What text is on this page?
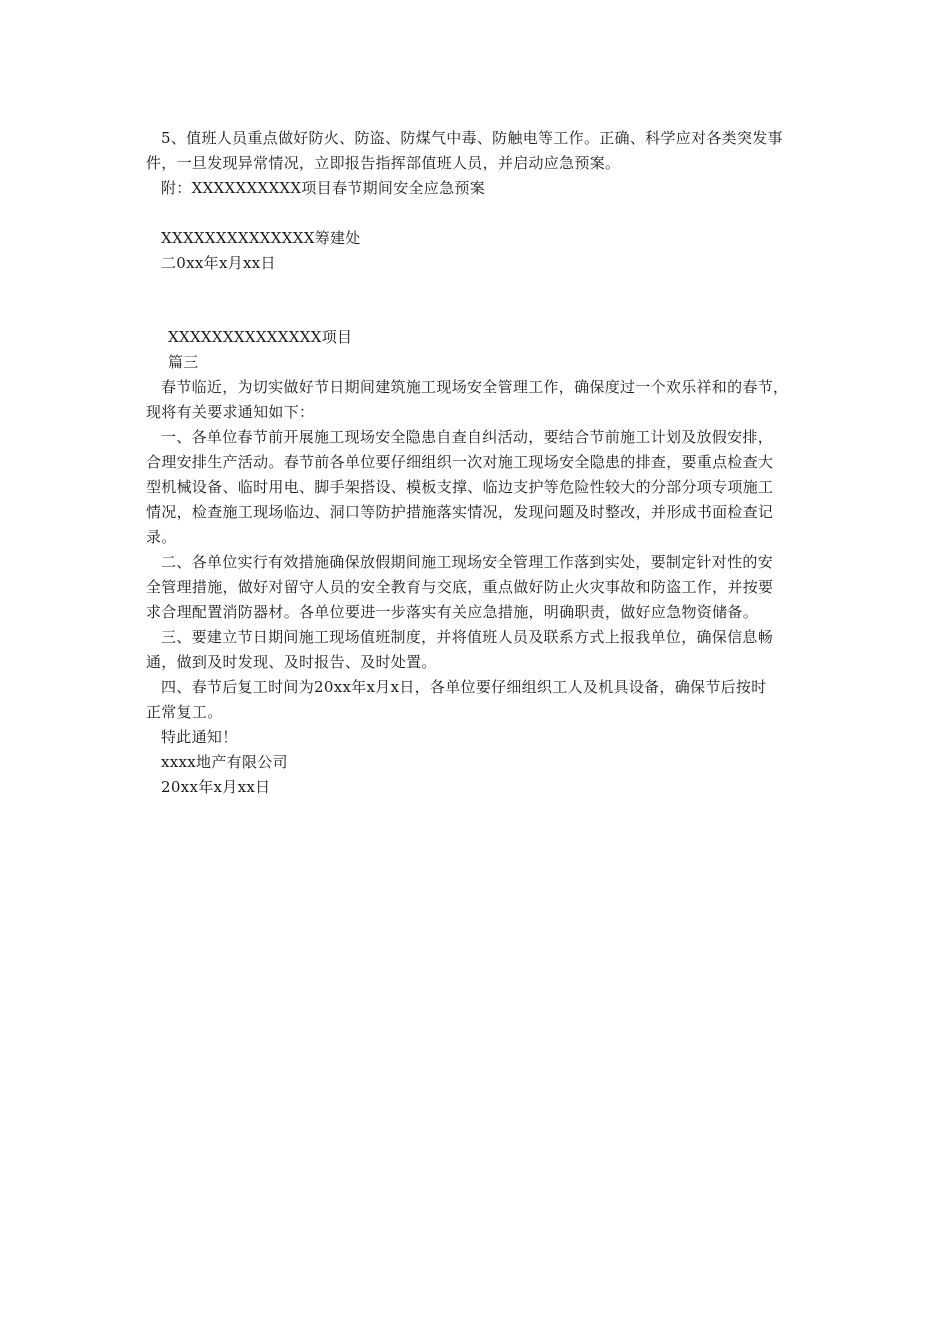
5、值班人员重点做好防火、防盗、防煤气中毒、防触电等工作。正确、科学应对各类突发事
件，一旦发现异常情况，立即报告指挥部值班人员，并启动应急预案。
附：XXXXXXXXXX项目春节期间安全应急预案
XXXXXXXXXXXXXX筹建处
二0xx年x月xx日
XXXXXXXXXXXXXX项目
篇三
春节临近，为切实做好节日期间建筑施工现场安全管理工作，确保度过一个欢乐祥和的春节，
现将有关要求通知如下：
一、各单位春节前开展施工现场安全隐患自查自纠活动，要结合节前施工计划及放假安排，
合理安排生产活动。春节前各单位要仔细组织一次对施工现场安全隐患的排查，要重点检查大
型机械设备、临时用电、脚手架搭设、模板支撑、临边支护等危险性较大的分部分项专项施工
情况，检查施工现场临边、洞口等防护措施落实情况，发现问题及时整改，并形成书面检查记
录。
二、各单位实行有效措施确保放假期间施工现场安全管理工作落到实处，要制定针对性的安
全管理措施，做好对留守人员的安全教育与交底，重点做好防止火灾事故和防盗工作，并按要
求合理配置消防器材。各单位要进一步落实有关应急措施，明确职责，做好应急物资储备。
三、要建立节日期间施工现场值班制度，并将值班人员及联系方式上报我单位，确保信息畅
通，做到及时发现、及时报告、及时处置。
四、春节后复工时间为20xx年x月x日，各单位要仔细组织工人及机具设备，确保节后按时
正常复工。
特此通知！
xxxx地产有限公司
20xx年x月xx日
